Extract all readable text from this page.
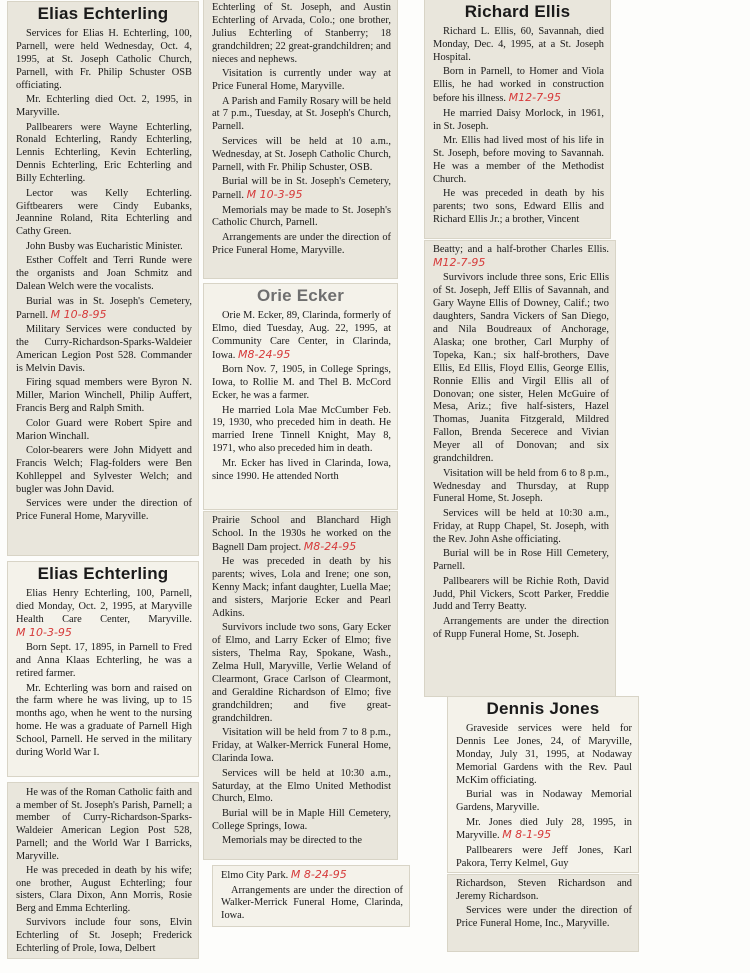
Elias Echterling
Services for Elias H. Echterling, 100, Parnell, were held Wednesday, Oct. 4, 1995, at St. Joseph Catholic Church, Parnell, with Fr. Philip Schuster OSB officiating.
Mr. Echterling died Oct. 2, 1995, in Maryville.
Pallbearers were Wayne Echterling, Ronald Echterling, Randy Echterling, Lennis Echterling, Kevin Echterling, Dennis Echterling, Eric Echterling and Billy Echterling.
Lector was Kelly Echterling. Giftbearers were Cindy Eubanks, Jeannine Roland, Rita Echterling and Cathy Green.
John Busby was Eucharistic Minister.
Esther Coffelt and Terri Runde were the organists and Joan Schmitz and Dalean Welch were the vocalists.
Burial was in St. Joseph's Cemetery, Parnell. M 10-8-95
Military Services were conducted by the Curry-Richardson-Sparks-Waldeier American Legion Post 528. Commander is Melvin Davis.
Firing squad members were Byron N. Miller, Marion Winchell, Philip Auffert, Francis Berg and Ralph Smith.
Color Guard were Robert Spire and Marion Winchall.
Color-bearers were John Midyett and Francis Welch; Flag-folders were Ben Kohlleppel and Sylvester Welch; and bugler was John David.
Services were under the direction of Price Funeral Home, Maryville.
Elias Echterling
Elias Henry Echterling, 100, Parnell, died Monday, Oct. 2, 1995, at Maryville Health Care Center, Maryville. M 10-3-95
Born Sept. 17, 1895, in Parnell to Fred and Anna Klaas Echterling, he was a retired farmer.
Mr. Echterling was born and raised on the farm where he was living, up to 15 months ago, when he went to the nursing home. He was a graduate of Parnell High School, Parnell. He served in the military during World War I.
He was of the Roman Catholic faith and a member of St. Joseph's Parish, Parnell; a member of Curry-Richardson-Sparks-Waldeier American Legion Post 528, Parnell; and the World War I Barricks, Maryville.
He was preceded in death by his wife; one brother, August Echterling; four sisters, Clara Dixon, Ann Morris, Rosie Berg and Emma Echterling.
Survivors include four sons, Elvin Echterling of St. Joseph; Frederick Echterling of Prole, Iowa, Delbert
Echterling of St. Joseph, and Austin Echterling of Arvada, Colo.; one brother, Julius Echterling of Stanberry; 18 grandchildren; 22 great-grandchildren; and nieces and nephews.
Visitation is currently under way at Price Funeral Home, Maryville.
A Parish and Family Rosary will be held at 7 p.m., Tuesday, at St. Joseph's Church, Parnell.
Services will be held at 10 a.m., Wednesday, at St. Joseph Catholic Church, Parnell, with Fr. Philip Schuster, OSB.
Burial will be in St. Joseph's Cemetery, Parnell. M 10-3-95
Memorials may be made to St. Joseph's Catholic Church, Parnell.
Arrangements are under the direction of Price Funeral Home, Maryville.
Orie Ecker
Orie M. Ecker, 89, Clarinda, formerly of Elmo, died Tuesday, Aug. 22, 1995, at Community Care Center, in Clarinda, Iowa. M8-24-95
Born Nov. 7, 1905, in College Springs, Iowa, to Rollie M. and Thel B. McCord Ecker, he was a farmer.
He married Lola Mae McCumber Feb. 19, 1930, who preceded him in death. He married Irene Tinnell Knight, May 8, 1971, who also preceded him in death.
Mr. Ecker has lived in Clarinda, Iowa, since 1990. He attended North
Prairie School and Blanchard High School. In the 1930s he worked on the Bagnell Dam project. M8-24-95
He was preceded in death by his parents; wives, Lola and Irene; one son, Kenny Mack; infant daughter, Luella Mae; and sisters, Marjorie Ecker and Pearl Adkins.
Survivors include two sons, Gary Ecker of Elmo, and Larry Ecker of Elmo; five sisters, Thelma Ray, Spokane, Wash., Zelma Hull, Maryville, Verlie Weland of Clearmont, Grace Carlson of Clearmont, and Geraldine Richardson of Elmo; five grandchildren; and five great-grandchildren.
Visitation will be held from 7 to 8 p.m., Friday, at Walker-Merrick Funeral Home, Clarinda Iowa.
Services will be held at 10:30 a.m., Saturday, at the Elmo United Methodist Church, Elmo.
Burial will be in Maple Hill Cemetery, College Springs, Iowa.
Memorials may be directed to the
Elmo City Park. M 8-24-95
Arrangements are under the direction of Walker-Merrick Funeral Home, Clarinda, Iowa.
Richard Ellis
Richard L. Ellis, 60, Savannah, died Monday, Dec. 4, 1995, at a St. Joseph Hospital.
Born in Parnell, to Homer and Viola Ellis, he had worked in construction before his illness. M12-7-95
He married Daisy Morlock, in 1961, in St. Joseph.
Mr. Ellis had lived most of his life in St. Joseph, before moving to Savannah. He was a member of the Methodist Church.
He was preceded in death by his parents; two sons, Edward Ellis and Richard Ellis Jr.; a brother, Vincent
Beatty; and a half-brother Charles Ellis. M12-7-95
Survivors include three sons, Eric Ellis of St. Joseph, Jeff Ellis of Savannah, and Gary Wayne Ellis of Downey, Calif.; two daughters, Sandra Vickers of San Diego, and Nila Boudreaux of Anchorage, Alaska; one brother, Carl Murphy of Topeka, Kan.; six half-brothers, Dave Ellis, Ed Ellis, Floyd Ellis, George Ellis, Ronnie Ellis and Virgil Ellis all of Donovan; one sister, Helen McGuire of Mesa, Ariz.; five half-sisters, Hazel Thomas, Juanita Fitzgerald, Mildred Fallon, Brenda Secerece and Vivian Meyer all of Donovan; and six grandchildren.
Visitation will be held from 6 to 8 p.m., Wednesday and Thursday, at Rupp Funeral Home, St. Joseph.
Services will be held at 10:30 a.m., Friday, at Rupp Chapel, St. Joseph, with the Rev. John Ashe officiating.
Burial will be in Rose Hill Cemetery, Parnell.
Pallbearers will be Richie Roth, David Judd, Phil Vickers, Scott Parker, Freddie Judd and Terry Beatty.
Arrangements are under the direction of Rupp Funeral Home, St. Joseph.
Dennis Jones
Graveside services were held for Dennis Lee Jones, 24, of Maryville, Monday, July 31, 1995, at Nodaway Memorial Gardens with the Rev. Paul McKim officiating.
Burial was in Nodaway Memorial Gardens, Maryville.
Mr. Jones died July 28, 1995, in Maryville. M 8-1-95
Pallbearers were Jeff Jones, Karl Pakora, Terry Kelmel, Guy
Richardson, Steven Richardson and Jeremy Richardson.
Services were under the direction of Price Funeral Home, Inc., Maryville.
